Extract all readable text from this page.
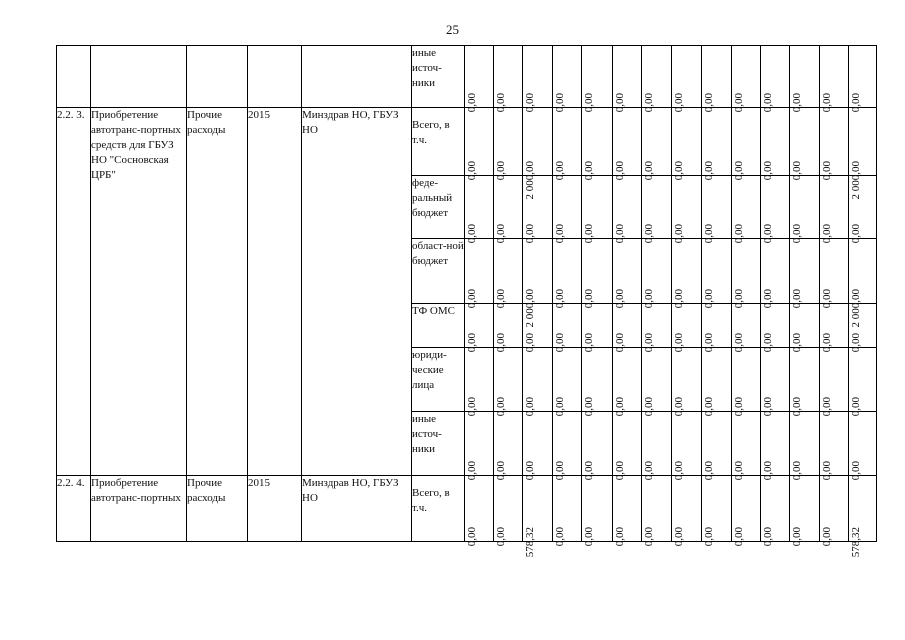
25
					иные источ-ники	0,00	0,00	0,00	0,00	0,00	0,00	0,00	0,00	0,00	0,00	0,00	0,00	0,00	0,00

2.2. 3.	Приобретение автотранс-портных средств для ГБУЗ НО "Сосновская ЦРБ"	Прочие расходы	2015	Минздрав НО, ГБУЗ НО	Всего, в т.ч.	0,00	0,00	2 000,00	0,00	0,00	0,00	0,00	0,00	0,00	0,00	0,00	0,00	0,00	2 000,00

					феде-ральный бюджет	0,00	0,00	0,00	0,00	0,00	0,00	0,00	0,00	0,00	0,00	0,00	0,00	0,00	0,00

					област-ной бюджет	0,00	0,00	2 000,00	0,00	0,00	0,00	0,00	0,00	0,00	0,00	0,00	0,00	0,00	2 000,00

					ТФ ОМС	0,00	0,00	0,00	0,00	0,00	0,00	0,00	0,00	0,00	0,00	0,00	0,00	0,00	0,00

					юриди-ческие лица	0,00	0,00	0,00	0,00	0,00	0,00	0,00	0,00	0,00	0,00	0,00	0,00	0,00	0,00

					иные источ-ники	0,00	0,00	0,00	0,00	0,00	0,00	0,00	0,00	0,00	0,00	0,00	0,00	0,00	0,00

2.2. 4.	Приобретение автотранс-портных	Прочие расходы	2015	Минздрав НО, ГБУЗ НО	Всего, в т.ч.	0,00	0,00	578,32	0,00	0,00	0,00	0,00	0,00	0,00	0,00	0,00	0,00	0,00	578,32
